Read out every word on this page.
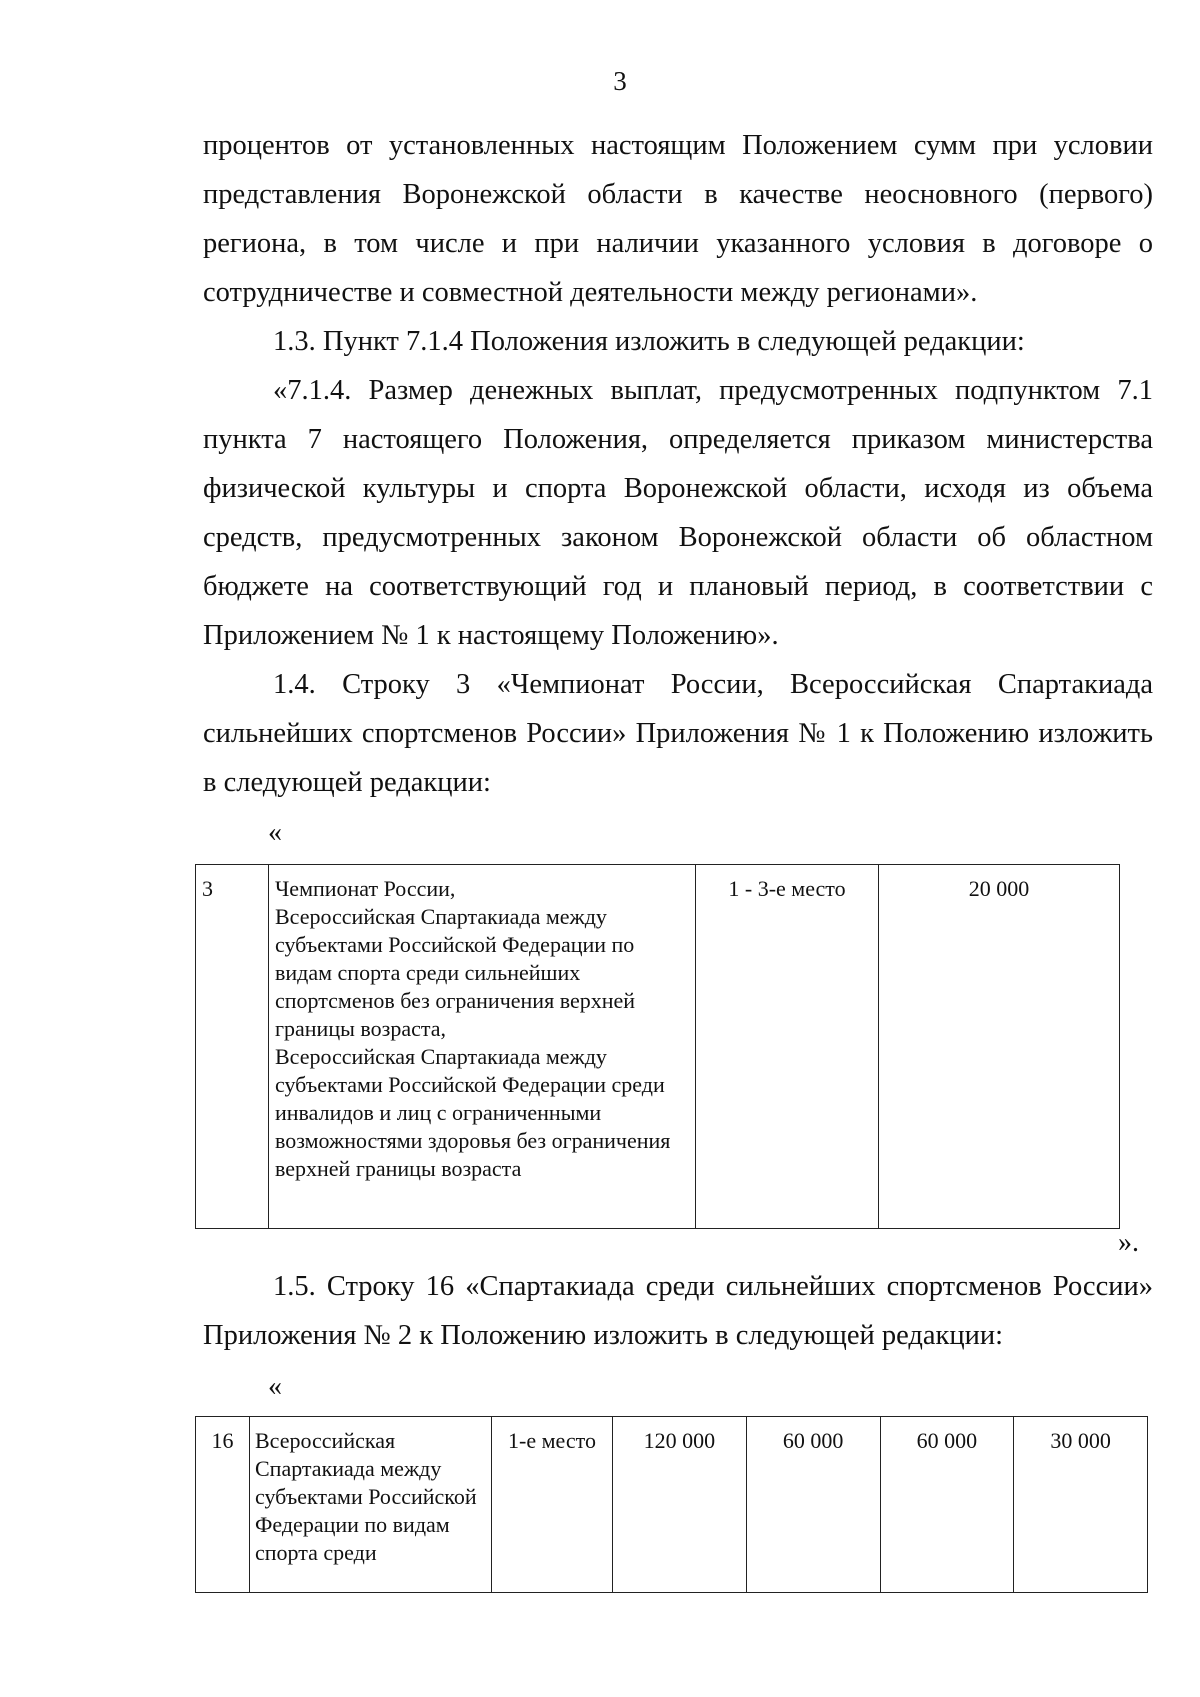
3

процентов от установленных настоящим Положением сумм при условии

представления Воронежской области в качестве неосновного (первого)

региона, в том числе и при наличии указанного условия в договоре о

сотрудничестве и совместной деятельности между регионами».

1.3. Пункт 7.1.4 Положения изложить в следующей редакции:

«7.1.4. Размер денежных выплат, предусмотренных подпунктом 7.1

пункта 7 настоящего Положения, определяется приказом министерства

физической культуры и спорта Воронежской области, исходя из объема

средств, предусмотренных законом Воронежской области об областном

бюджете на соответствующий год и плановый период, в соответствии с

Приложением № 1 к настоящему Положению».

1.4. Строку 3 «Чемпионат России, Всероссийская Спартакиада

сильнейших спортсменов России» Приложения № 1 к Положению изложить

в следующей редакции:

«
3	Чемпионат России,
Всероссийская Спартакиада между субъектами Российской Федерации по видам спорта среди сильнейших спортсменов без ограничения верхней границы возраста,
Всероссийская Спартакиада между субъектами Российской Федерации среди инвалидов и лиц с ограниченными возможностями здоровья без ограничения верхней границы возраста	1 - 3-е место	20 000
».

1.5. Строку 16 «Спартакиада среди сильнейших спортсменов России»

Приложения № 2 к Положению изложить в следующей редакции:

«
16	Всероссийская Спартакиада между субъектами Российской Федерации по видам спорта среди	1-е место	120 000	60 000	60 000	30 000
